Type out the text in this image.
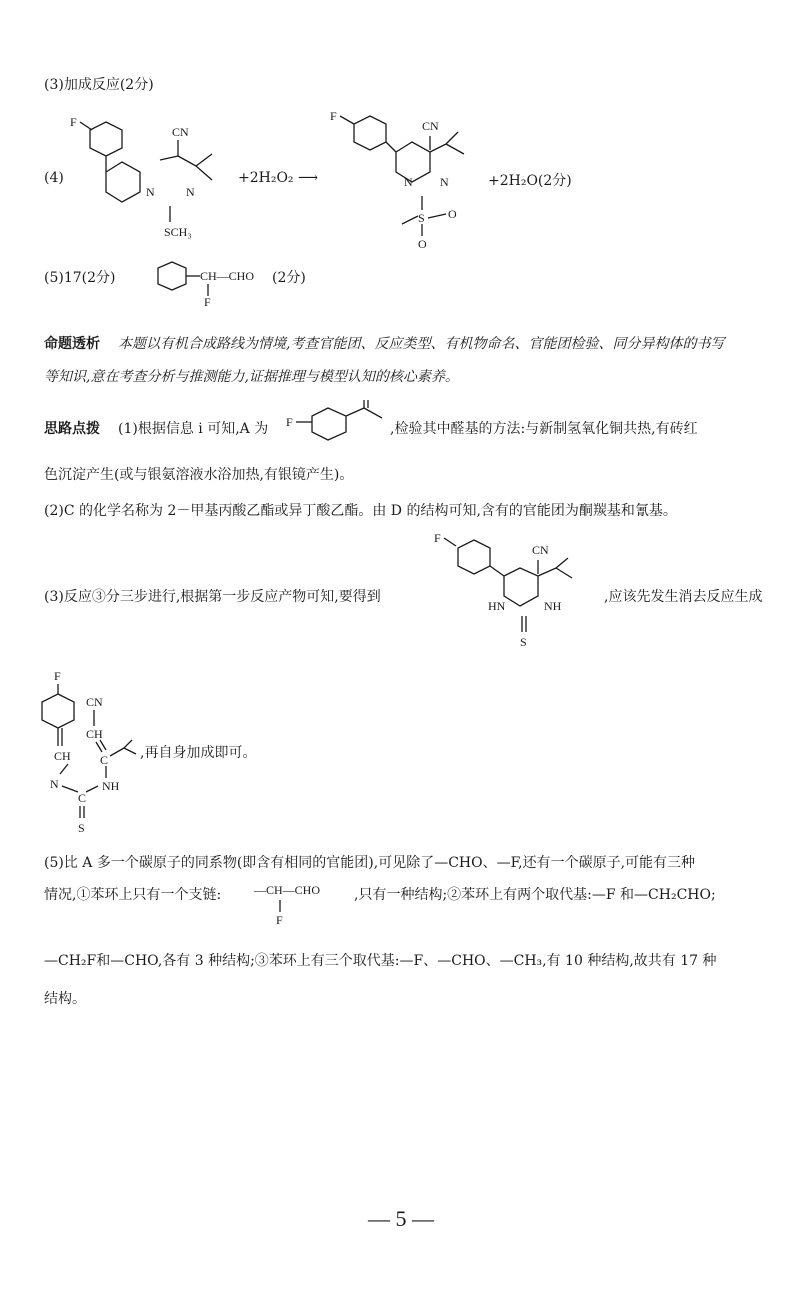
(3)加成反应(2分)
(4)
F
CN
N	N
SCH₃
+2H₂O₂ ⟶
F
CN
N N
S O
O
+2H₂O(2分)
(5)17(2分)	CH—CHO
F
(2分)
命题透析 本题以有机合成路线为情境,考查官能团、反应类型、有机物命名、官能团检验、同分异构体的书写
等知识,意在考查分析与推测能力,证据推理与模型认知的核心素养。
思路点拨 (1)根据信息 i 可知,A 为 F	,检验其中醛基的方法:与新制氢氧化铜共热,有砖红
色沉淀产生(或与银氨溶液水浴加热,有银镜产生)。
(2)C 的化学名称为 2－甲基丙酸乙酯或异丁酸乙酯。由 D 的结构可知,含有的官能团为酮羰基和氰基。
(3)反应③分三步进行,根据第一步反应产物可知,要得到
F
CN
HN	NH
S
,应该先发生消去反应生成
F
CH
CN
CH
C
N	NH
C
S
,再自身加成即可。
(5)比 A 多一个碳原子的同系物(即含有相同的官能团),可见除了—CHO、—F,还有一个碳原子,可能有三种
情况,①苯环上只有一个支链:	—CH—CHO
F
,只有一种结构;②苯环上有两个取代基:—F 和—CH₂CHO;
—CH₂F和—CHO,各有 3 种结构;③苯环上有三个取代基:—F、—CHO、—CH₃,有 10 种结构,故共有 17 种
结构。
— 5 —
